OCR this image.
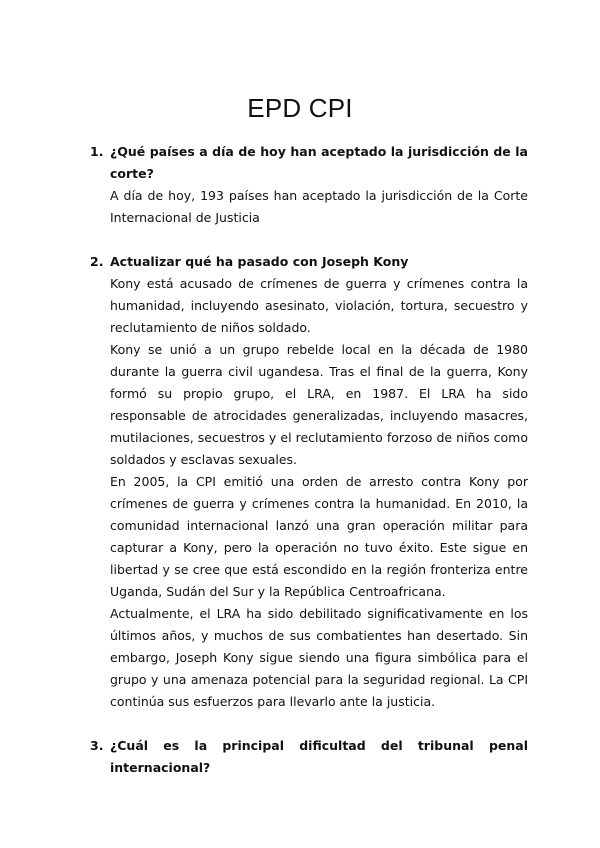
EPD CPI
1. ¿Qué países a día de hoy han aceptado la jurisdicción de la corte?

A día de hoy, 193 países han aceptado la jurisdicción de la Corte Internacional de Justicia

2. Actualizar qué ha pasado con Joseph Kony

Kony está acusado de crímenes de guerra y crímenes contra la humanidad, incluyendo asesinato, violación, tortura, secuestro y reclutamiento de niños soldado.

Kony se unió a un grupo rebelde local en la década de 1980 durante la guerra civil ugandesa. Tras el final de la guerra, Kony formó su propio grupo, el LRA, en 1987. El LRA ha sido responsable de atrocidades generalizadas, incluyendo masacres, mutilaciones, secuestros y el reclutamiento forzoso de niños como soldados y esclavas sexuales.

En 2005, la CPI emitió una orden de arresto contra Kony por crímenes de guerra y crímenes contra la humanidad. En 2010, la comunidad internacional lanzó una gran operación militar para capturar a Kony, pero la operación no tuvo éxito. Este sigue en libertad y se cree que está escondido en la región fronteriza entre Uganda, Sudán del Sur y la República Centroafricana.

Actualmente, el LRA ha sido debilitado significativamente en los últimos años, y muchos de sus combatientes han desertado. Sin embargo, Joseph Kony sigue siendo una figura simbólica para el grupo y una amenaza potencial para la seguridad regional. La CPI continúa sus esfuerzos para llevarlo ante la justicia.

3. ¿Cuál es la principal dificultad del tribunal penal internacional?
